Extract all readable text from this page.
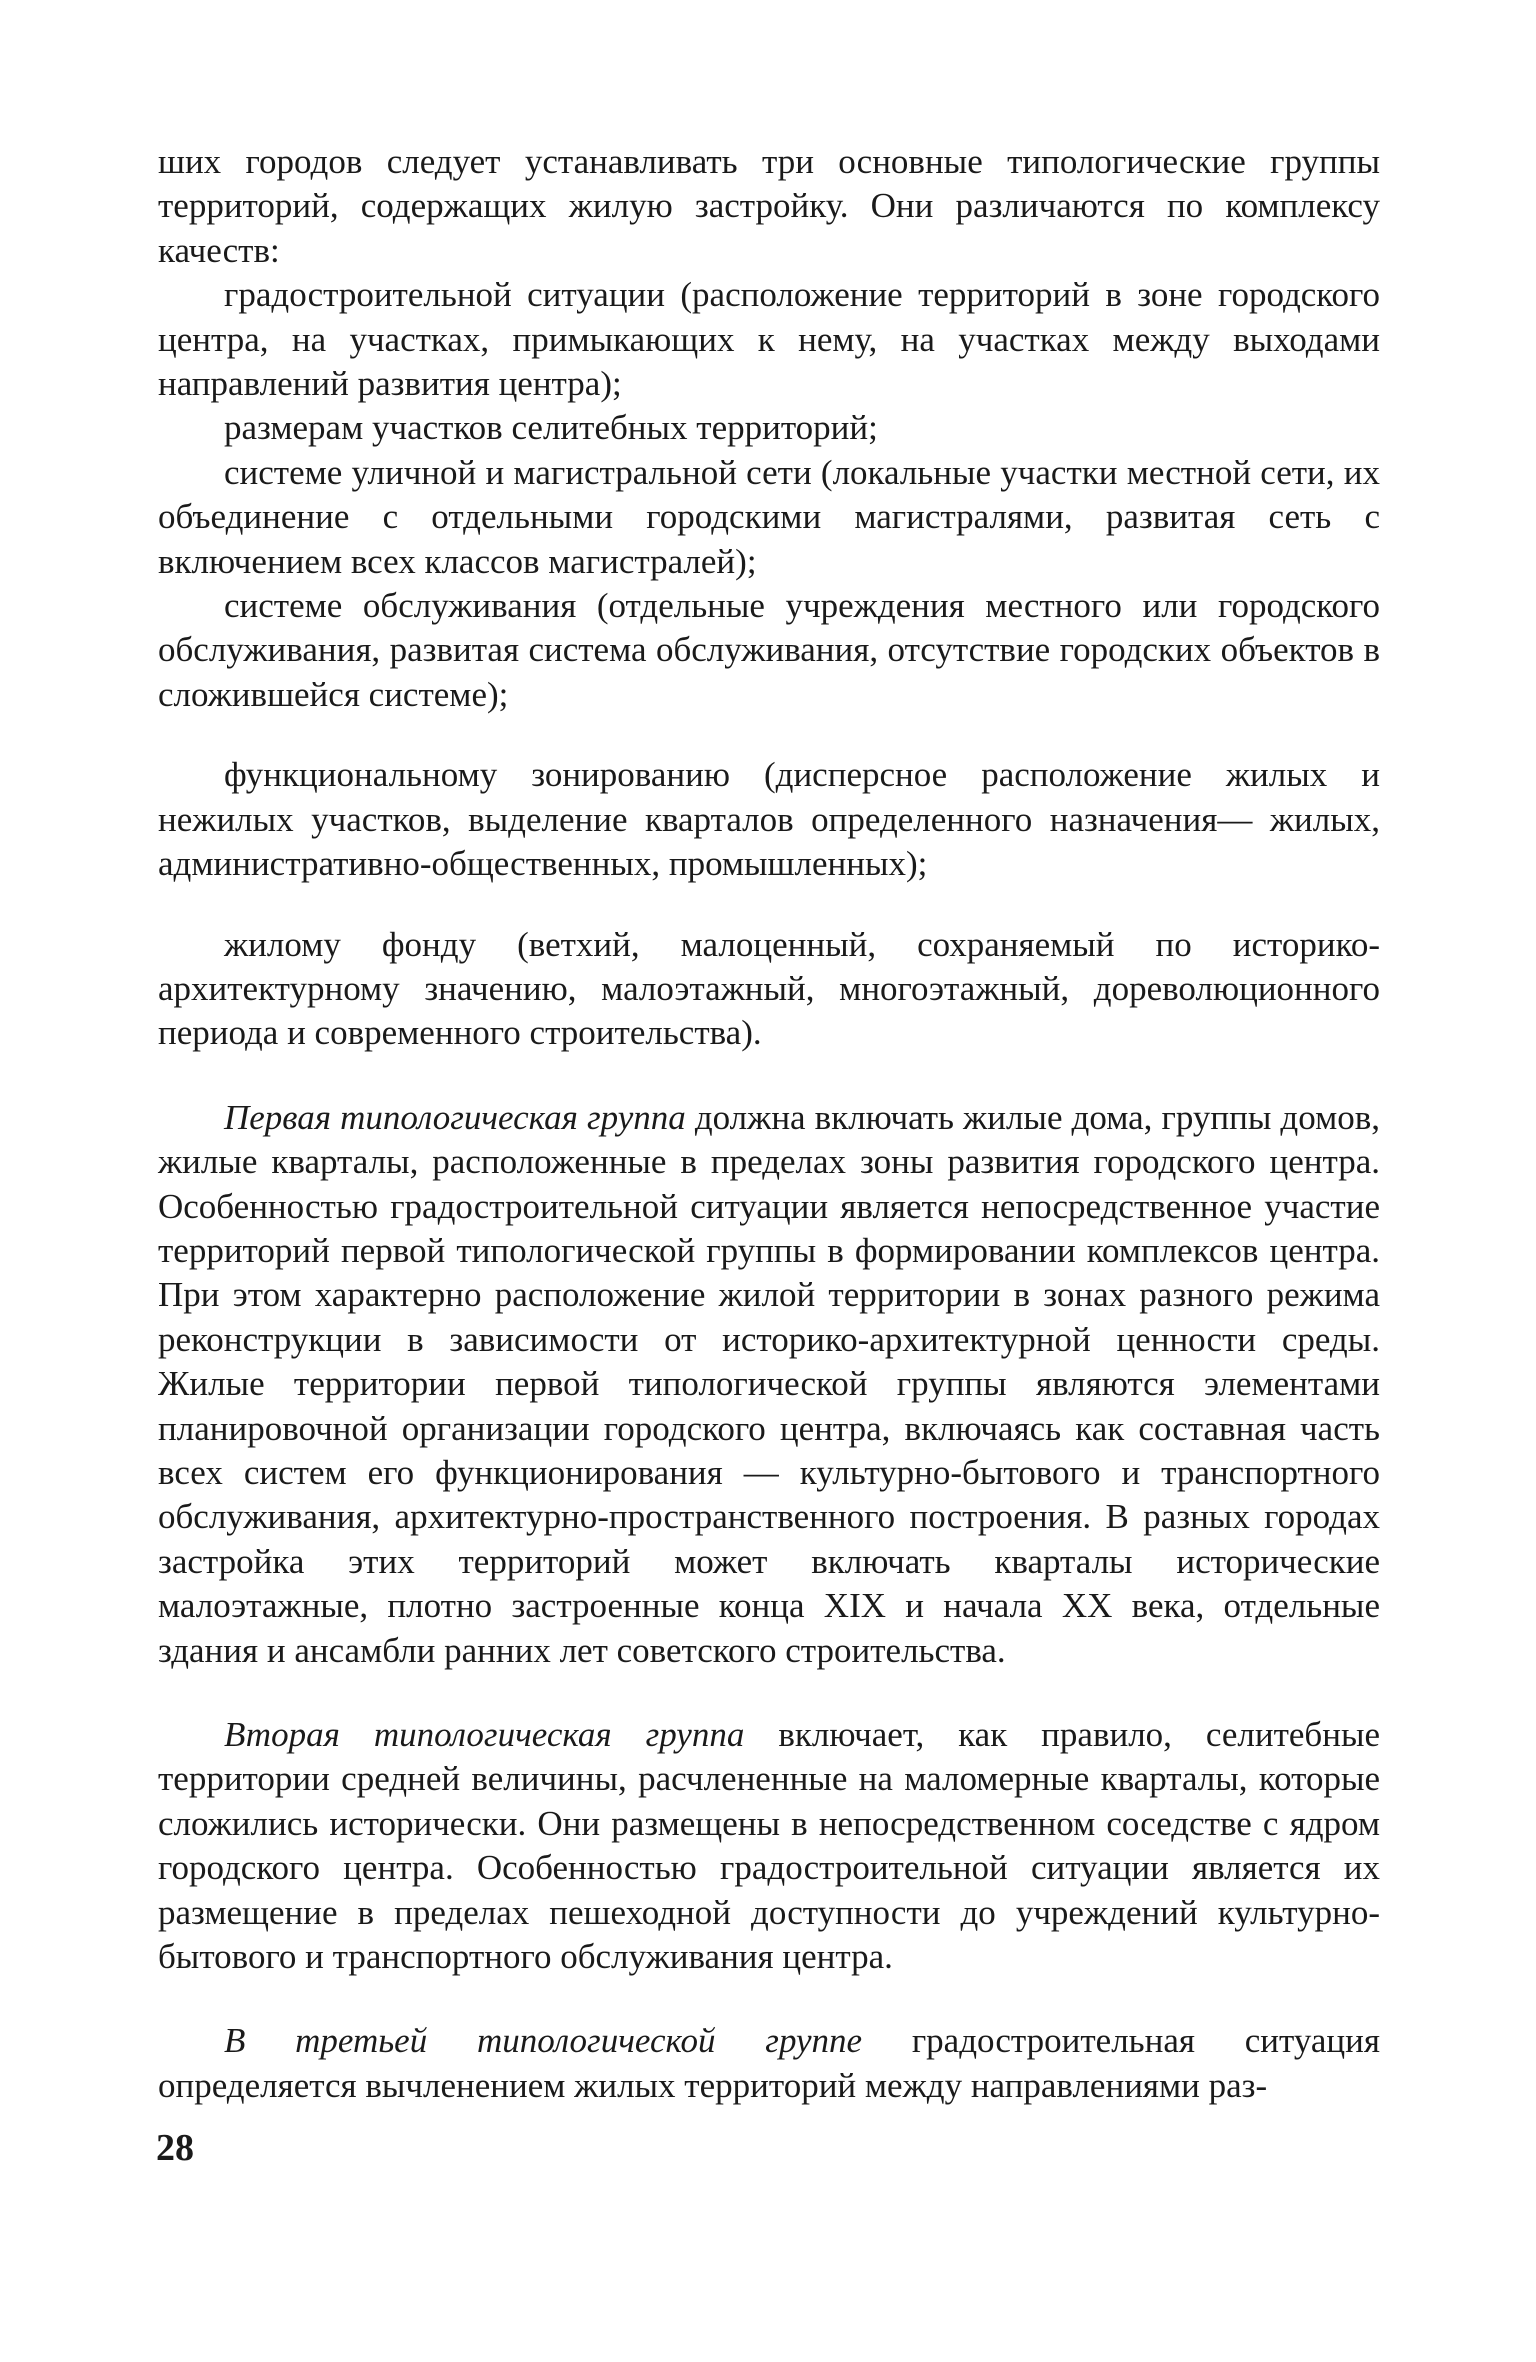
ших городов следует устанавливать три основные типологические группы территорий, содержащих жилую застройку. Они различаются по комплексу качеств:

градостроительной ситуации (расположение территорий в зоне городского центра, на участках, примыкающих к нему, на участках между выходами направлений развития центра);

размерам участков селитебных территорий;

системе уличной и магистральной сети (локальные участки местной сети, их объединение с отдельными городскими магистралями, развитая сеть с включением всех классов магистралей);

системе обслуживания (отдельные учреждения местного или городского обслуживания, развитая система обслуживания, отсутствие городских объектов в сложившейся системе);

функциональному зонированию (дисперсное расположение жилых и нежилых участков, выделение кварталов определенного назначения— жилых, административно-общественных, промышленных);

жилому фонду (ветхий, малоценный, сохраняемый по историко-архитектурному значению, малоэтажный, многоэтажный, дореволюционного периода и современного строительства).

Первая типологическая группа должна включать жилые дома, группы домов, жилые кварталы, расположенные в пределах зоны развития городского центра. Особенностью градостроительной ситуации является непосредственное участие территорий первой типологической группы в формировании комплексов центра. При этом характерно расположение жилой территории в зонах разного режима реконструкции в зависимости от историко-архитектурной ценности среды. Жилые территории первой типологической группы являются элементами планировочной организации городского центра, включаясь как составная часть всех систем его функционирования — культурно-бытового и транспортного обслуживания, архитектурно-пространственного построения. В разных городах застройка этих территорий может включать кварталы исторические малоэтажные, плотно застроенные конца XIX и начала XX века, отдельные здания и ансамбли ранних лет советского строительства.

Вторая типологическая группа включает, как правило, селитебные территории средней величины, расчлененные на маломерные кварталы, которые сложились исторически. Они размещены в непосредственном соседстве с ядром городского центра. Особенностью градостроительной ситуации является их размещение в пределах пешеходной доступности до учреждений культурно-бытового и транспортного обслуживания центра.

В третьей типологической группе градостроительная ситуация определяется вычленением жилых территорий между направлениями раз-

28
